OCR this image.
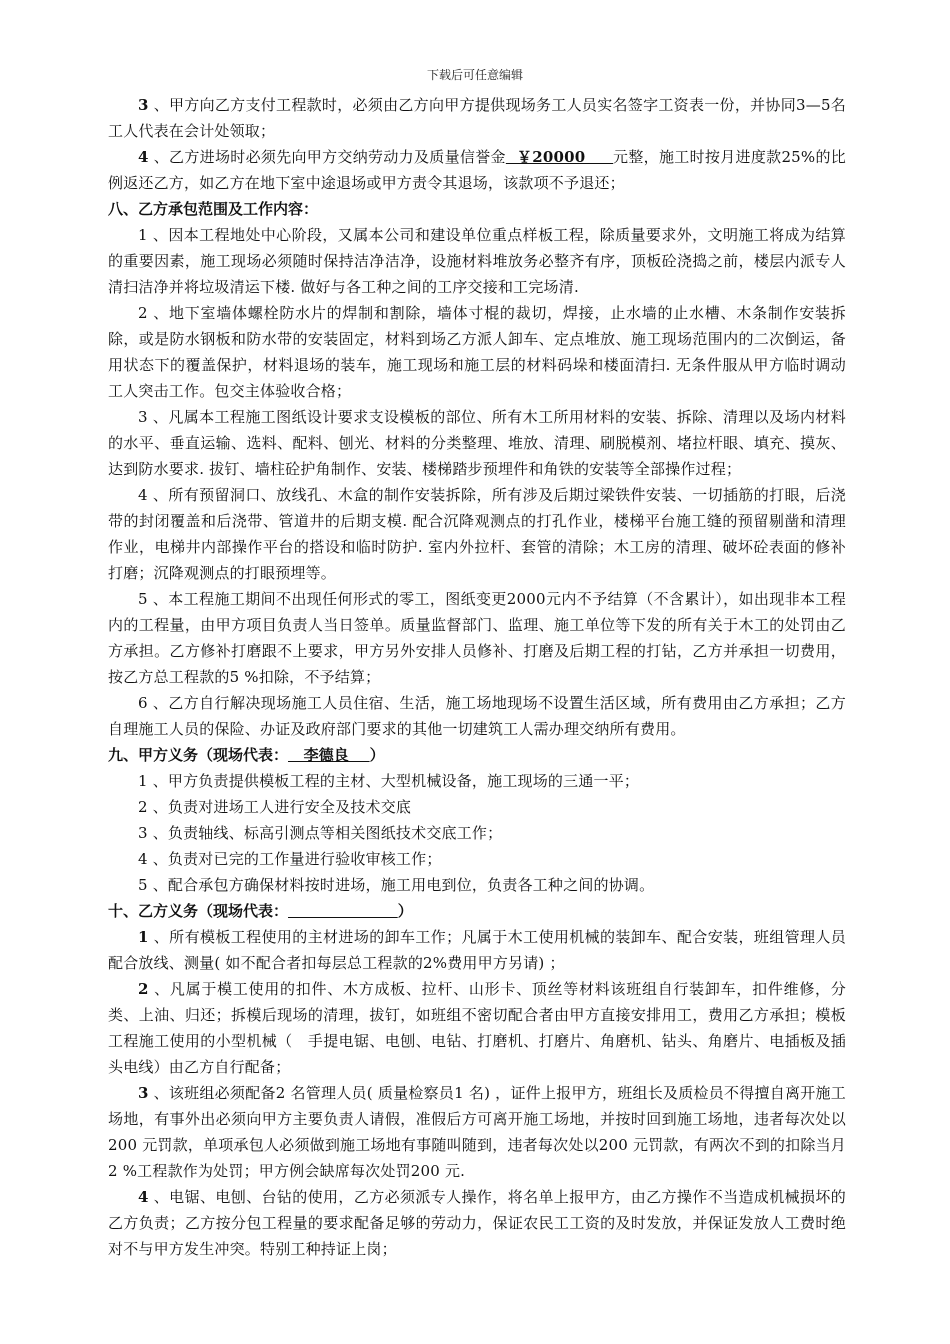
下载后可任意编辑

3 、甲方向乙方支付工程款时，必须由乙方向甲方提供现场务工人员实名签字工资表一份，并协同3—5名工人代表在会计处领取；

4 、乙方进场时必须先向甲方交纳劳动力及质量信誉金  ￥20000     元整，施工时按月进度款25%的比例返还乙方，如乙方在地下室中途退场或甲方责令其退场，该款项不予退还；

八、乙方承包范围及工作内容：

1 、因本工程地处中心阶段，又属本公司和建设单位重点样板工程，除质量要求外，文明施工将成为结算的重要因素，施工现场必须随时保持洁净洁净，设施材料堆放务必整齐有序，顶板砼浇捣之前，楼层内派专人清扫洁净并将垃圾清运下楼. 做好与各工种之间的工序交接和工完场清.

2 、地下室墙体螺栓防水片的焊制和割除，墙体寸棍的裁切，焊接，止水墙的止水槽、木条制作安装拆除，或是防水钢板和防水带的安装固定，材料到场乙方派人卸车、定点堆放、施工现场范围内的二次倒运，备用状态下的覆盖保护，材料退场的装车，施工现场和施工层的材料码垛和楼面清扫. 无条件服从甲方临时调动工人突击工作。包交主体验收合格；

3 、凡属本工程施工图纸设计要求支设模板的部位、所有木工所用材料的安装、拆除、清理以及场内材料的水平、垂直运输、选料、配料、刨光、材料的分类整理、堆放、清理、刷脱模剂、堵拉杆眼、填充、摸灰、达到防水要求. 拔钉、墙柱砼护角制作、安装、楼梯踏步预埋件和角铁的安装等全部操作过程；

4 、所有预留洞口、放线孔、木盒的制作安装拆除，所有涉及后期过梁铁件安装、一切插筋的打眼，后浇带的封闭覆盖和后浇带、管道井的后期支模. 配合沉降观测点的打孔作业，楼梯平台施工缝的预留剔凿和清理作业，电梯井内部操作平台的搭设和临时防护. 室内外拉杆、套管的清除；木工房的清理、破坏砼表面的修补打磨；沉降观测点的打眼预埋等。

5 、本工程施工期间不出现任何形式的零工，图纸变更2000元内不予结算（不含累计），如出现非本工程内的工程量，由甲方项目负责人当日签单。质量监督部门、监理、施工单位等下发的所有关于木工的处罚由乙方承担。乙方修补打磨跟不上要求，甲方另外安排人员修补、打磨及后期工程的打钻，乙方并承担一切费用，按乙方总工程款的5 %扣除，不予结算；

6 、乙方自行解决现场施工人员住宿、生活，施工场地现场不设置生活区域，所有费用由乙方承担；乙方自理施工人员的保险、办证及政府部门要求的其他一切建筑工人需办理交纳所有费用。

九、甲方义务（现场代表：   李德良    ）

1 、甲方负责提供模板工程的主材、大型机械设备，施工现场的三通一平；

2 、负责对进场工人进行安全及技术交底

3 、负责轴线、标高引测点等相关图纸技术交底工作；

4 、负责对已完的工作量进行验收审核工作；

5 、配合承包方确保材料按时进场，施工用电到位，负责各工种之间的协调。

十、乙方义务（现场代表：	）

1 、所有模板工程使用的主材进场的卸车工作；凡属于木工使用机械的装卸车、配合安装，班组管理人员配合放线、测量( 如不配合者扣每层总工程款的2%费用甲方另请) ；

2 、凡属于模工使用的扣件、木方成板、拉杆、山形卡、顶丝等材料该班组自行装卸车，扣件维修，分类、上油、归还；拆模后现场的清理，拔钉，如班组不密切配合者由甲方直接安排用工，费用乙方承担；模板工程施工使用的小型机械（　手提电锯、电刨、电钻、打磨机、打磨片、角磨机、钻头、角磨片、电插板及插头电线）由乙方自行配备；

3 、该班组必须配备2 名管理人员( 质量检察员1 名) ，证件上报甲方，班组长及质检员不得擅自离开施工场地，有事外出必须向甲方主要负责人请假，准假后方可离开施工场地，并按时回到施工场地，违者每次处以200 元罚款，单项承包人必须做到施工场地有事随叫随到，违者每次处以200 元罚款，有两次不到的扣除当月2 %工程款作为处罚；甲方例会缺席每次处罚200 元.

4 、电锯、电刨、台钻的使用，乙方必须派专人操作，将名单上报甲方，由乙方操作不当造成机械损坏的乙方负责；乙方按分包工程量的要求配备足够的劳动力，保证农民工工资的及时发放，并保证发放人工费时绝对不与甲方发生冲突。特别工种持证上岗；
